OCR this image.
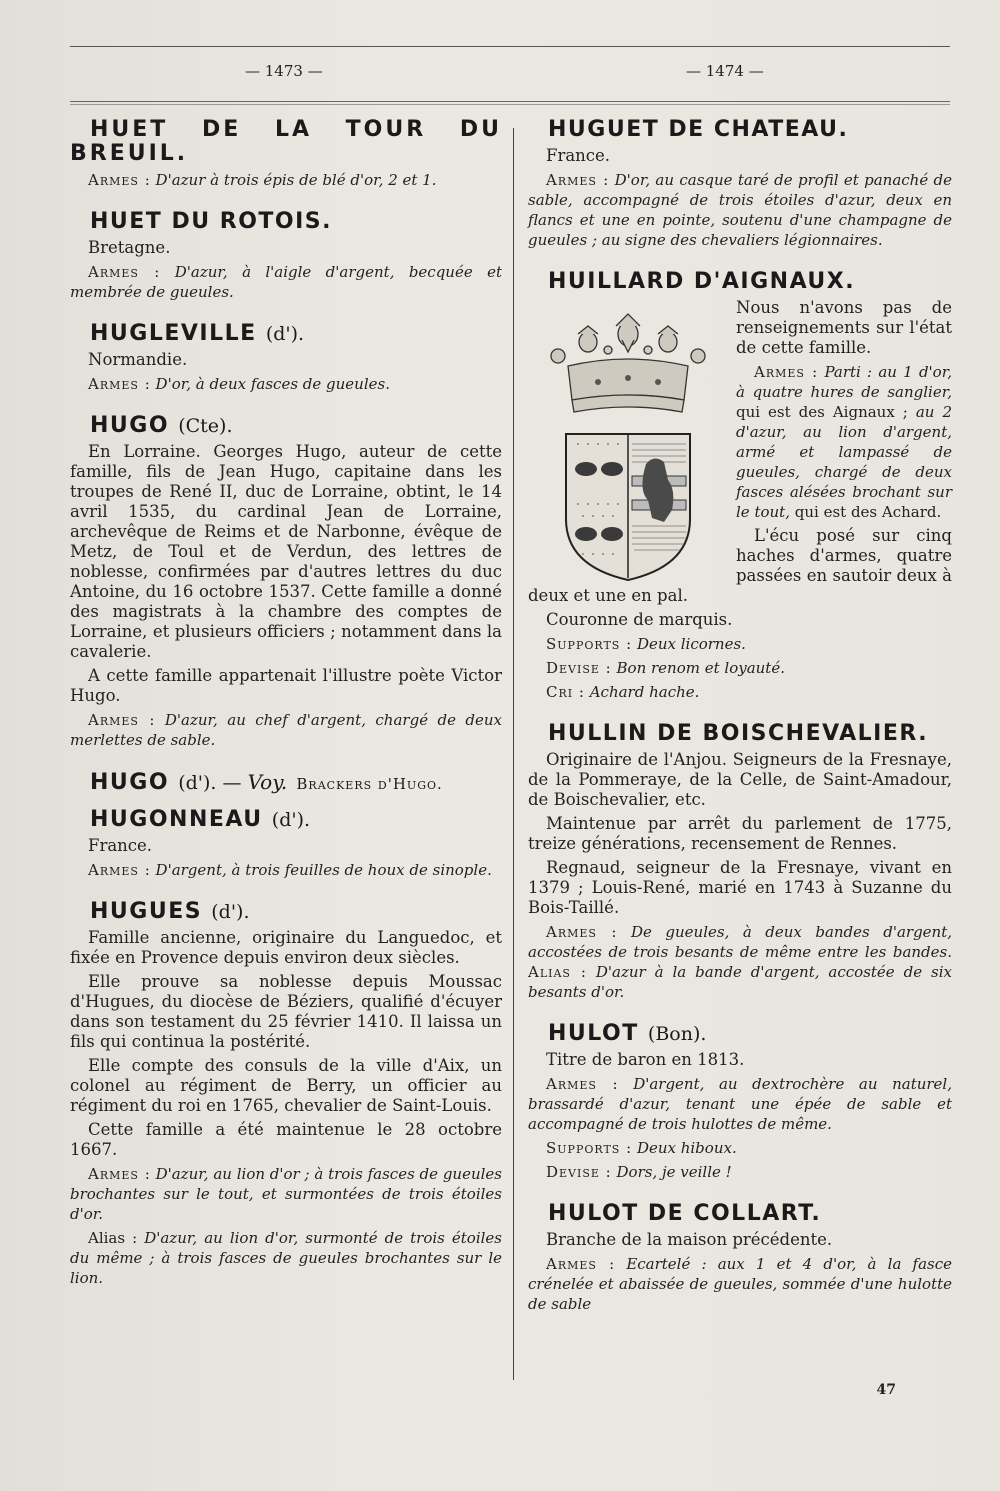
— 1473 —	— 1474 —
HUET DE LA TOUR DU BREUIL.

Armes : D'azur à trois épis de blé d'or, 2 et 1.

HUET DU ROTOIS.

Bretagne.

Armes : D'azur, à l'aigle d'argent, becquée et membrée de gueules.

HUGLEVILLE (d').

Normandie.

Armes : D'or, à deux fasces de gueules.

HUGO (Cte).

En Lorraine. Georges Hugo, auteur de cette famille, fils de Jean Hugo, capitaine dans les troupes de René II, duc de Lorraine, obtint, le 14 avril 1535, du cardinal Jean de Lorraine, archevêque de Reims et de Narbonne, évêque de Metz, de Toul et de Verdun, des lettres de noblesse, confirmées par d'autres lettres du duc Antoine, du 16 octobre 1537. Cette famille a donné des magistrats à la chambre des comptes de Lorraine, et plusieurs officiers ; notamment dans la cavalerie.

A cette famille appartenait l'illustre poète Victor Hugo.

Armes : D'azur, au chef d'argent, chargé de deux merlettes de sable.

HUGO (d'). — Voy. Brackers d'Hugo.
HUGONNEAU (d').

France.

Armes : D'argent, à trois feuilles de houx de sinople.

HUGUES (d').

Famille ancienne, originaire du Languedoc, et fixée en Provence depuis environ deux siècles.

Elle prouve sa noblesse depuis Moussac d'Hugues, du diocèse de Béziers, qualifié d'écuyer dans son testament du 25 février 1410. Il laissa un fils qui continua la postérité.

Elle compte des consuls de la ville d'Aix, un colonel au régiment de Berry, un officier au régiment du roi en 1765, chevalier de Saint-Louis.

Cette famille a été maintenue le 28 octobre 1667.

Armes : D'azur, au lion d'or ; à trois fasces de gueules brochantes sur le tout, et surmontées de trois étoiles d'or.

Alias : D'azur, au lion d'or, surmonté de trois étoiles du même ; à trois fasces de gueules brochantes sur le lion.

HUGUET DE CHATEAU.

France.

Armes : D'or, au casque taré de profil et panaché de sable, accompagné de trois étoiles d'azur, deux en flancs et une en pointe, soutenu d'une champagne de gueules ; au signe des chevaliers légionnaires.

HUILLARD D'AIGNAUX.

Nous n'avons pas de renseignements sur l'état de cette famille.

Armes : Parti : au 1 d'or, à quatre hures de sanglier, qui est des Aignaux ; au 2 d'azur, au lion d'argent, armé et lampassé de gueules, chargé de deux fasces alésées brochant sur le tout, qui est des Achard.

L'écu posé sur cinq haches d'armes, quatre passées en sautoir deux à deux et une en pal.

Couronne de marquis.

Supports : Deux licornes.

Devise : Bon renom et loyauté.

Cri : Achard hache.

HULLIN DE BOISCHEVALIER.

Originaire de l'Anjou. Seigneurs de la Fresnaye, de la Pommeraye, de la Celle, de Saint-Amadour, de Boischevalier, etc.

Maintenue par arrêt du parlement de 1775, treize générations, recensement de Rennes.

Regnaud, seigneur de la Fresnaye, vivant en 1379 ; Louis-René, marié en 1743 à Suzanne du Bois-Taillé.

Armes : De gueules, à deux bandes d'argent, accostées de trois besants de même entre les bandes. Alias : D'azur à la bande d'argent, accostée de six besants d'or.

HULOT (Bon).

Titre de baron en 1813.

Armes : D'argent, au dextrochère au naturel, brassardé d'azur, tenant une épée de sable et accompagné de trois hulottes de même.

Supports : Deux hiboux.

Devise : Dors, je veille !

HULOT DE COLLART.

Branche de la maison précédente.

Armes : Ecartelé : aux 1 et 4 d'or, à la fasce crénelée et abaissée de gueules, sommée d'une hulotte de sable

47
